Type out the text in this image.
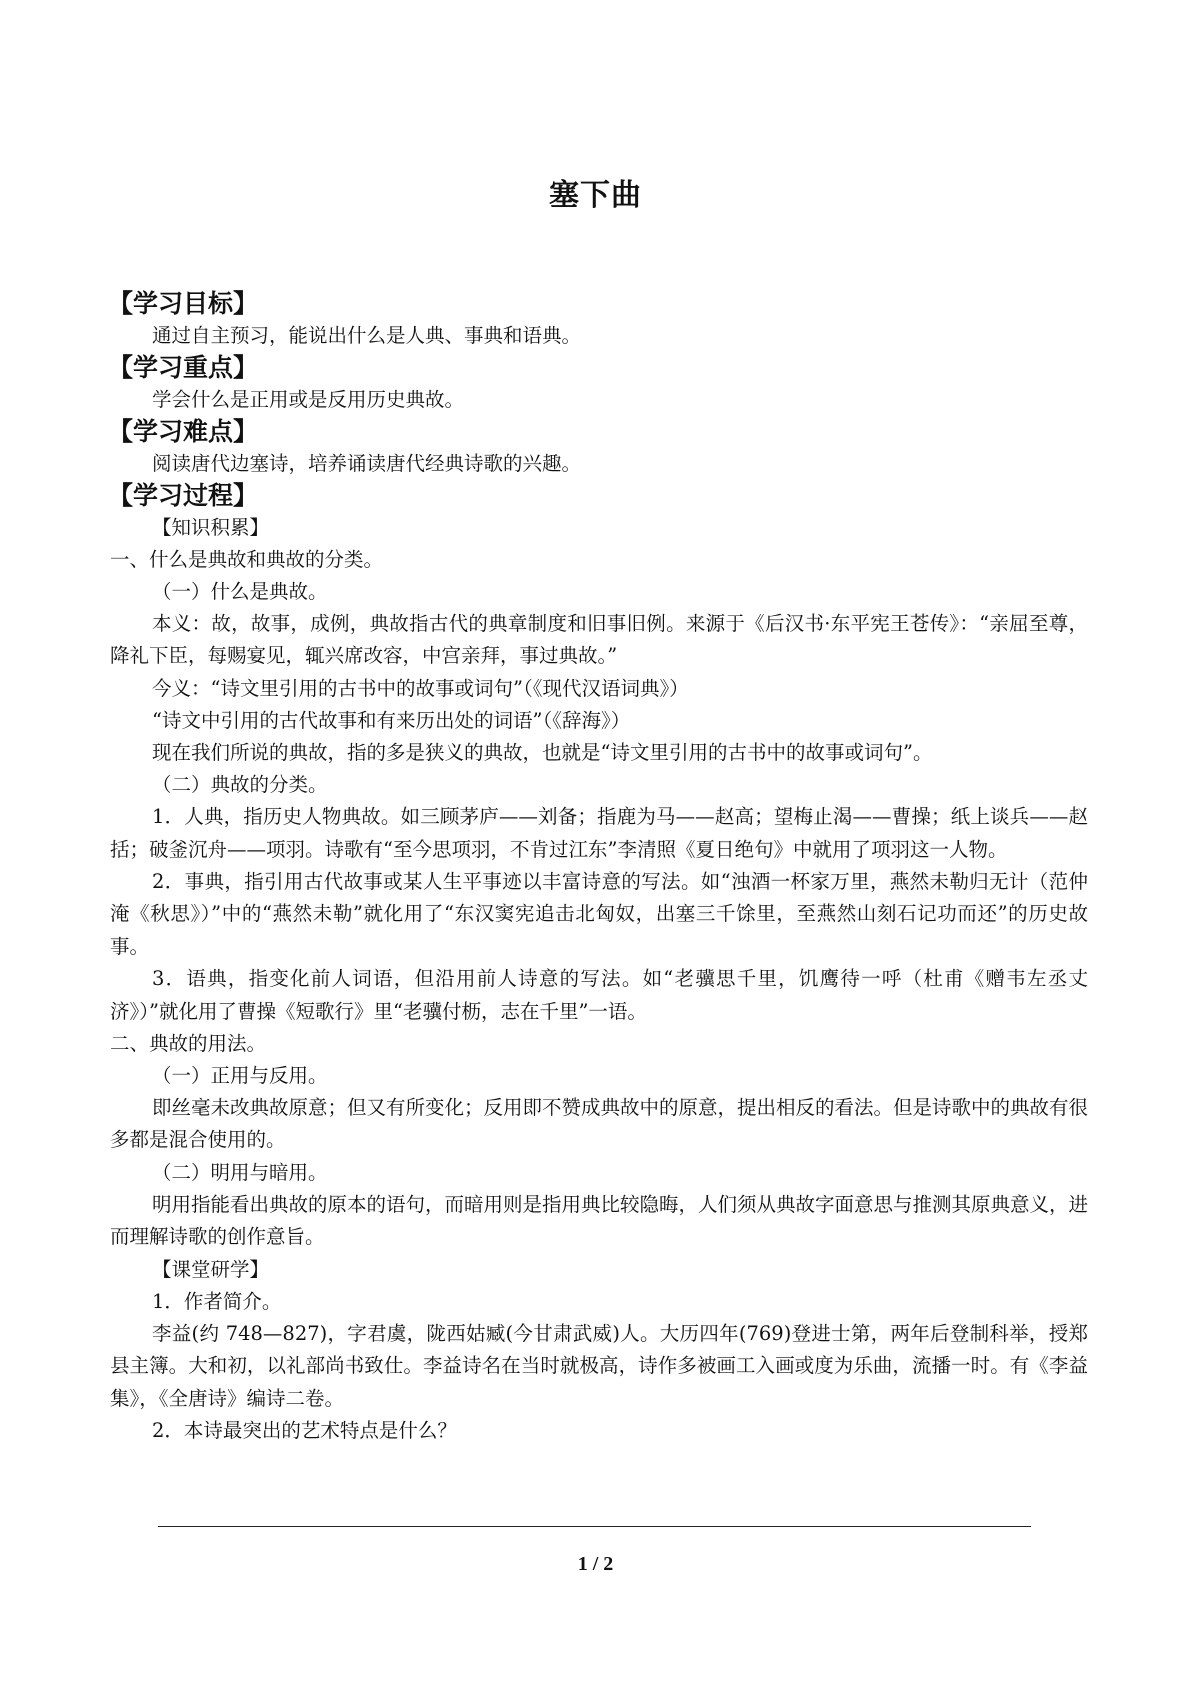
塞下曲
【学习目标】
通过自主预习，能说出什么是人典、事典和语典。
【学习重点】
学会什么是正用或是反用历史典故。
【学习难点】
阅读唐代边塞诗，培养诵读唐代经典诗歌的兴趣。
【学习过程】
【知识积累】
一、什么是典故和典故的分类。
（一）什么是典故。
本义：故，故事，成例，典故指古代的典章制度和旧事旧例。来源于《后汉书·东平宪王苍传》：“亲屈至尊，降礼下臣，每赐宴见，辄兴席改容，中宫亲拜，事过典故。”
今义：“诗文里引用的古书中的故事或词句”（《现代汉语词典》）
“诗文中引用的古代故事和有来历出处的词语”（《辞海》）
现在我们所说的典故，指的多是狭义的典故，也就是“诗文里引用的古书中的故事或词句”。
（二）典故的分类。
1．人典，指历史人物典故。如三顾茅庐——刘备；指鹿为马——赵高；望梅止渴——曹操；纸上谈兵——赵括；破釜沉舟——项羽。诗歌有“至今思项羽，不肯过江东”李清照《夏日绝句》中就用了项羽这一人物。
2．事典，指引用古代故事或某人生平事迹以丰富诗意的写法。如“浊酒一杯家万里，燕然未勒归无计（范仲淹《秋思》）”中的“燕然未勒”就化用了“东汉窦宪追击北匈奴，出塞三千馀里，至燕然山刻石记功而还”的历史故事。
3．语典，指变化前人词语，但沿用前人诗意的写法。如“老骥思千里，饥鹰待一呼（杜甫《赠韦左丞丈济》）”就化用了曹操《短歌行》里“老骥付枥，志在千里”一语。
二、典故的用法。
（一）正用与反用。
即丝毫未改典故原意；但又有所变化；反用即不赞成典故中的原意，提出相反的看法。但是诗歌中的典故有很多都是混合使用的。
（二）明用与暗用。
明用指能看出典故的原本的语句，而暗用则是指用典比较隐晦，人们须从典故字面意思与推测其原典意义，进而理解诗歌的创作意旨。
【课堂研学】
1．作者简介。
李益(约 748—827)，字君虞，陇西姑臧(今甘肃武威)人。大历四年(769)登进士第，两年后登制科举，授郑县主簿。大和初，以礼部尚书致仕。李益诗名在当时就极高，诗作多被画工入画或度为乐曲，流播一时。有《李益集》，《全唐诗》编诗二卷。
2．本诗最突出的艺术特点是什么？
1 / 2
